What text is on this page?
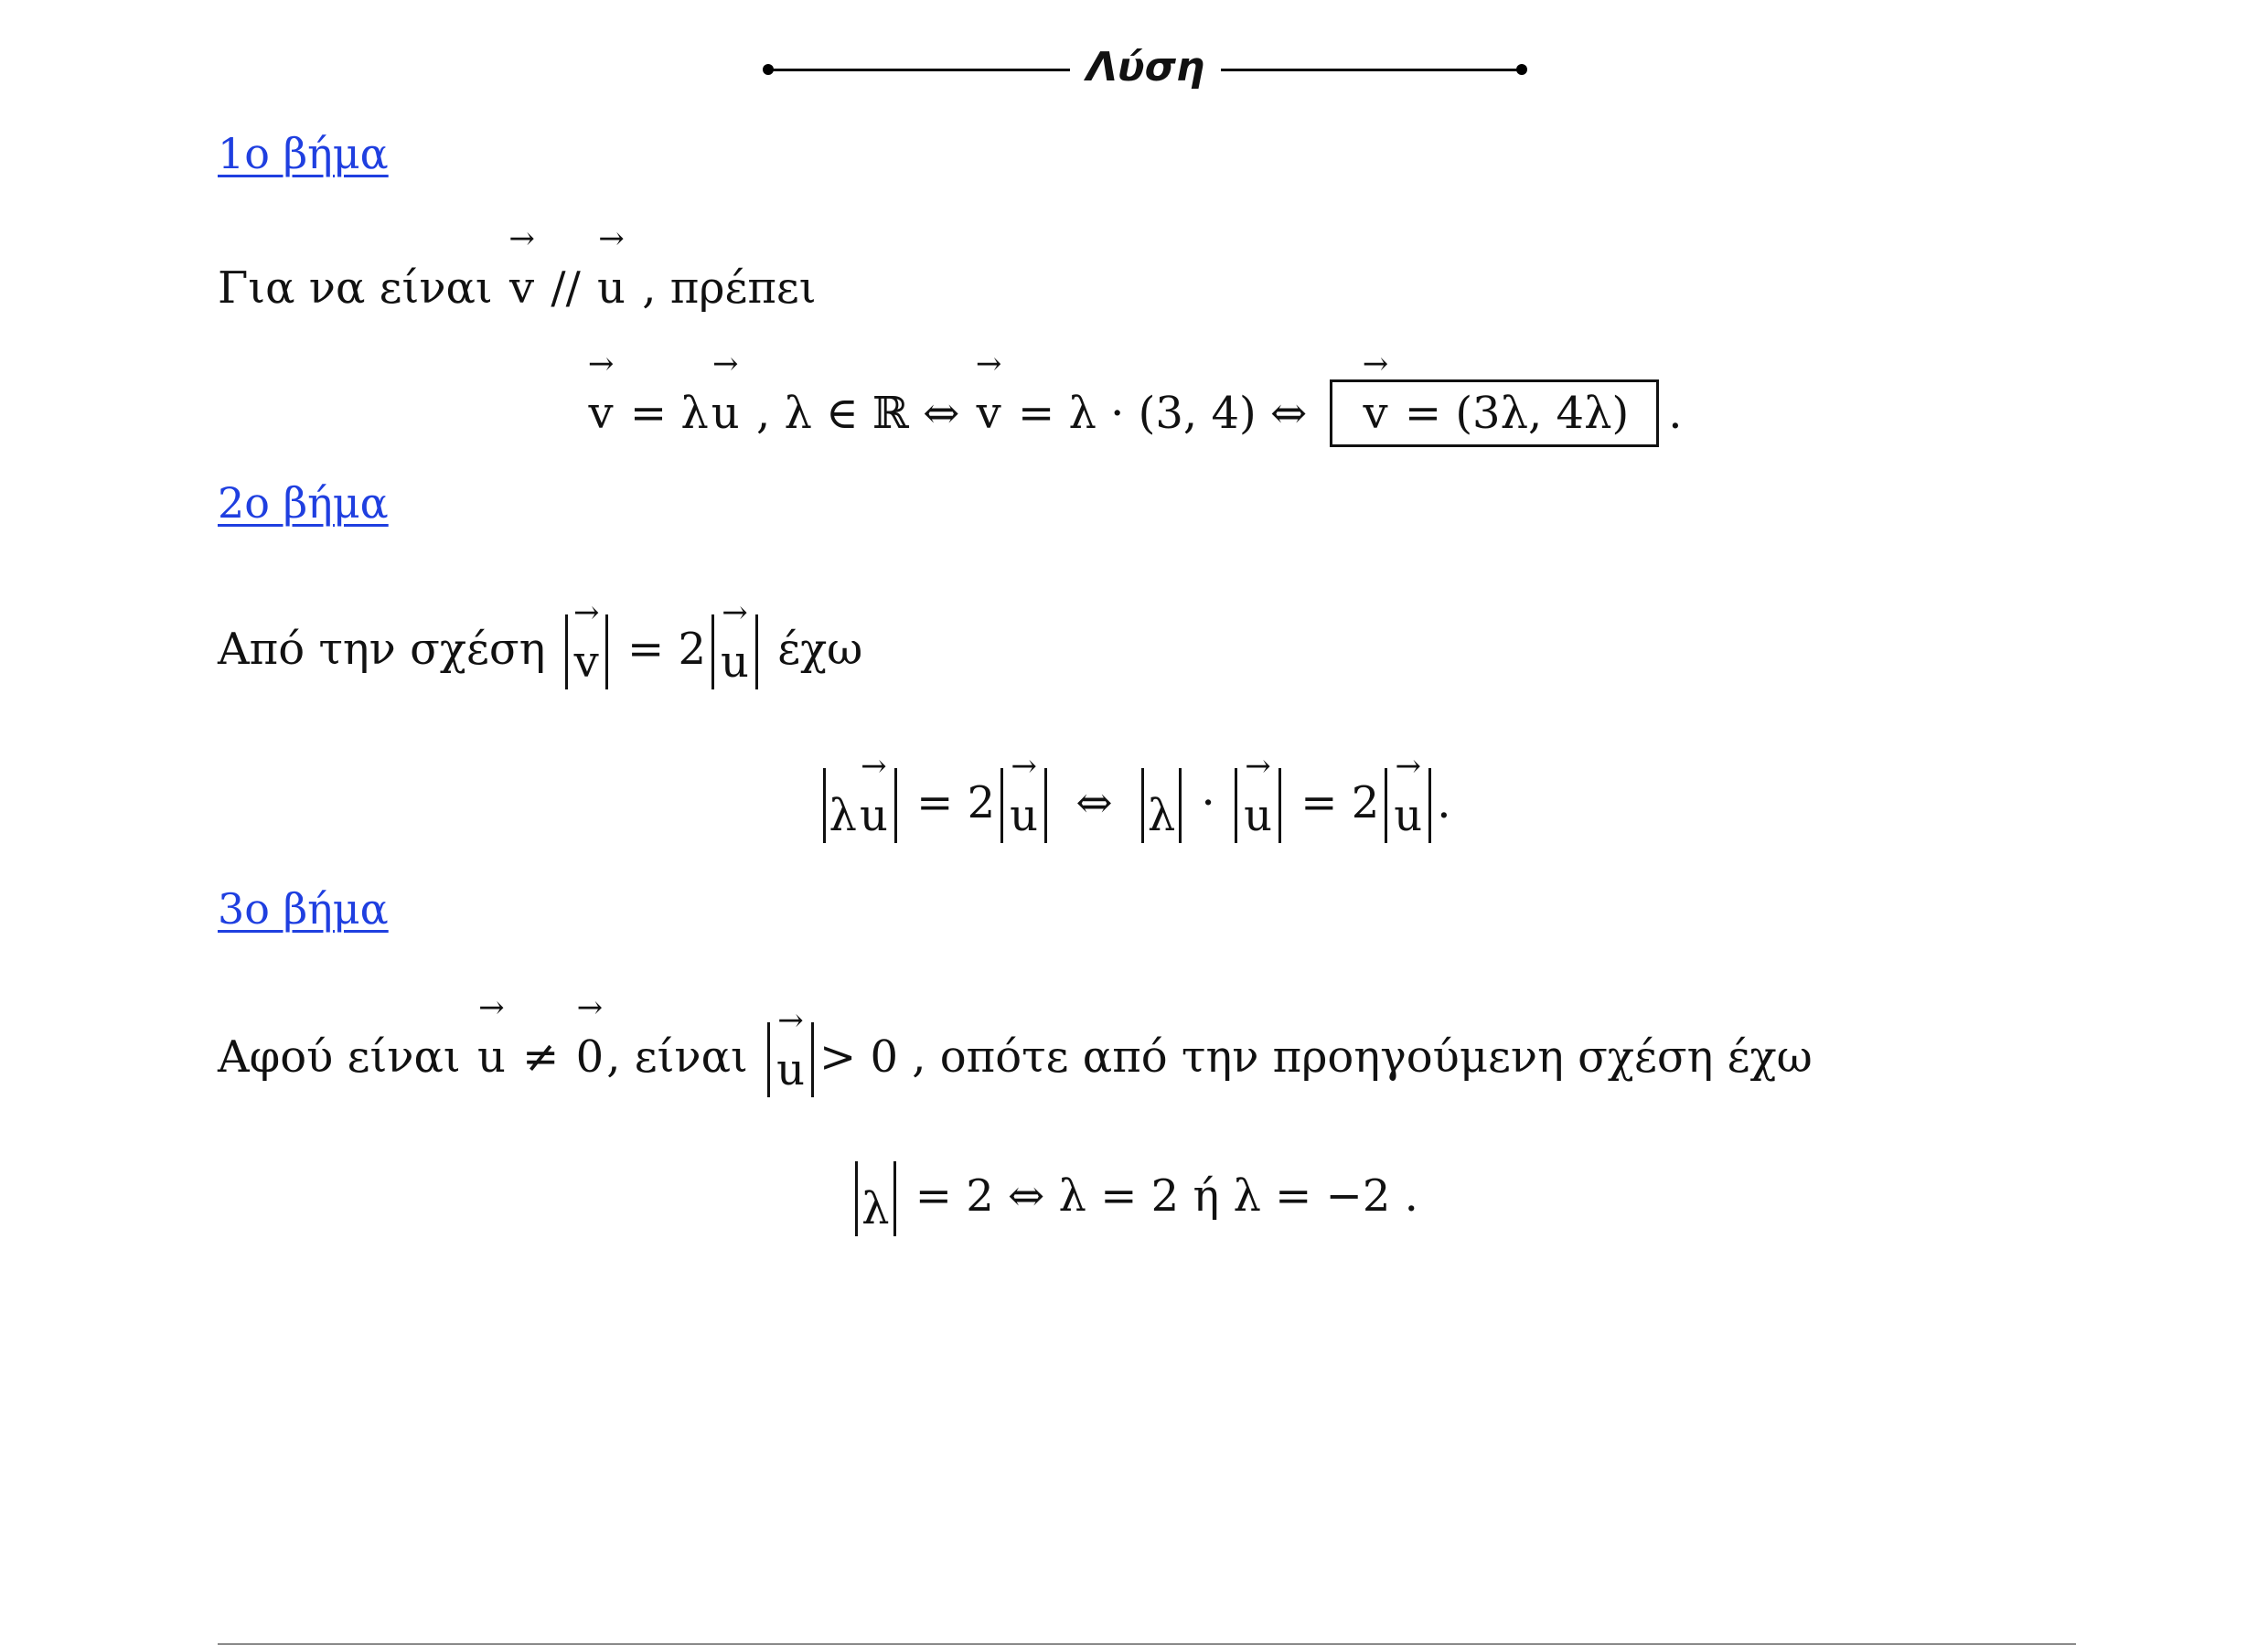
Λύση
1ο βήμα
Για να είναι → v // → u , πρέπει
→ v = λ→ u , λ ∈ ℝ ⇔ → v = λ · (3, 4) ⇔ → v = (3λ, 4λ) .
2ο βήμα
Από την σχέση → v = 2 → u έχω
λ→ u = 2 → u ⇔ λ · → u = 2 → u .
3ο βήμα
Αφού είναι → u ≠ → 0, είναι → u > 0 , οπότε από την προηγούμενη σχέση έχω
λ = 2 ⇔ λ = 2 ή λ = −2 .
